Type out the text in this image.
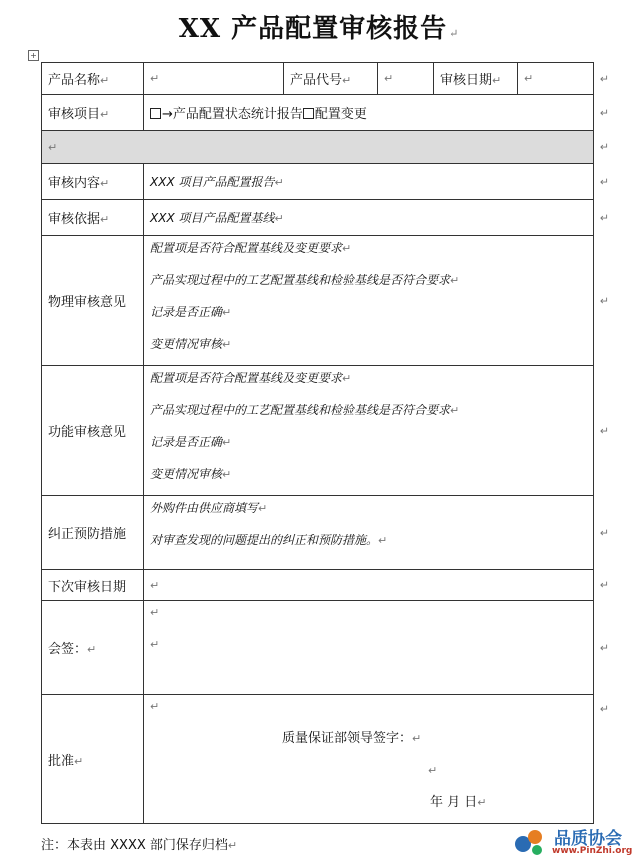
XX 产品配置审核报告 ↵
+
产品名称↵	↵	产品代号↵	↵	审核日期↵	↵ ↵

审核项目↵	→产品配置状态统计报告 配置变更 ↵				

↵ ↵					

审核内容↵	XXX 项目产品配置报告↵ ↵				

审核依据↵	XXX 项目产品配置基线↵ ↵				

物理审核意见	配置项是否符合配置基线及变更要求↵
产品实现过程中的工艺配置基线和检验基线是否符合要求↵
记录是否正确↵
变更情况审核↵
↵				

功能审核意见	配置项是否符合配置基线及变更要求↵
产品实现过程中的工艺配置基线和检验基线是否符合要求↵
记录是否正确↵
变更情况审核↵
↵				

纠正预防措施	外购件由供应商填写↵
对审查发现的问题提出的纠正和预防措施。↵
↵				

下次审核日期	↵ ↵				

会签：↵	↵
↵ ↵				

批准↵	↵
质量保证部领导签字：↵
↵
年 月 日↵
↵				
注：本表由 XXXX 部门保存归档↵	品质协会
www.PinZhi.org
